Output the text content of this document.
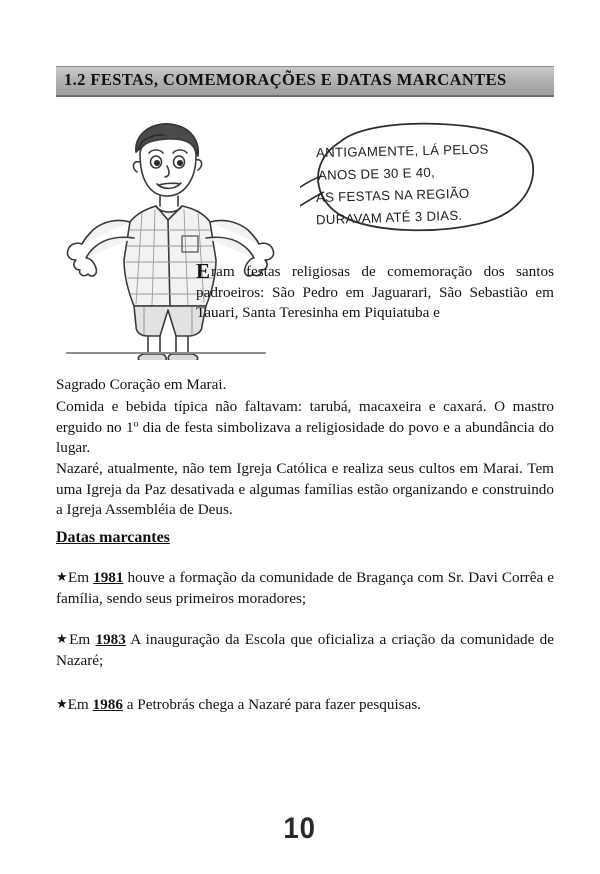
1.2 FESTAS, COMEMORAÇÕES E DATAS MARCANTES
ANTIGAMENTE, LÁ PELOS
ANOS DE 30 E 40,
AS FESTAS NA REGIÃO
DURAVAM ATÉ 3 DIAS.
E ram festas religiosas de comemoração dos santos padroeiros: São Pedro em Jaguarari, São Sebastião em Tauari, Santa Teresinha em Piquiatuba e
Sagrado Coração em Marai.
Comida e bebida típica não faltavam: tarubá, macaxeira e caxará. O mastro erguido no 1º dia de festa simbolizava a religiosidade do povo e a abundância do lugar.
Nazaré, atualmente, não tem Igreja Católica e realiza seus cultos em Marai. Tem uma Igreja da Paz desativada e algumas famílias estão organizando e construindo a Igreja Assembléia de Deus.
Datas marcantes
★Em 1981 houve a formação da comunidade de Bragança com Sr. Davi Corrêa e família, sendo seus primeiros moradores;
★Em 1983 A inauguração da Escola que oficializa a criação da comunidade de Nazaré;
★Em 1986 a Petrobrás chega a Nazaré para fazer pesquisas.
10
